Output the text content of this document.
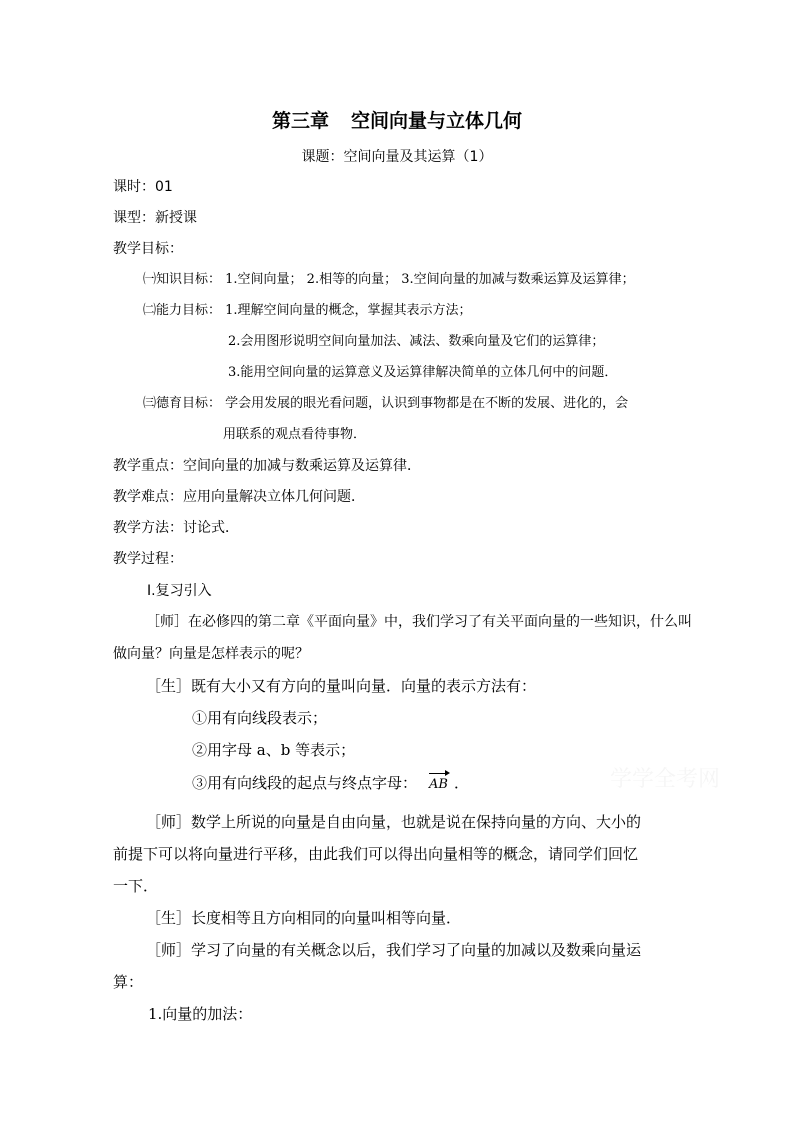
第三章 空间向量与立体几何
课题：空间向量及其运算（1）
课时：01
课型：新授课
教学目标：
㈠知识目标： 1.空间向量； 2.相等的向量； 3.空间向量的加减与数乘运算及运算律；
㈡能力目标： 1.理解空间向量的概念，掌握其表示方法；
2.会用图形说明空间向量加法、减法、数乘向量及它们的运算律；
3.能用空间向量的运算意义及运算律解决简单的立体几何中的问题．
㈢德育目标： 学会用发展的眼光看问题，认识到事物都是在不断的发展、进化的，会
用联系的观点看待事物．
教学重点：空间向量的加减与数乘运算及运算律．
教学难点：应用向量解决立体几何问题．
教学方法：讨论式．
教学过程：
Ⅰ.复习引入
［师］在必修四的第二章《平面向量》中，我们学习了有关平面向量的一些知识，什么叫
做向量？向量是怎样表示的呢？
［生］既有大小又有方向的量叫向量．向量的表示方法有：
①用有向线段表示；
②用字母 a、b 等表示；
③用有向线段的起点与终点字母： AB ．
［师］数学上所说的向量是自由向量，也就是说在保持向量的方向、大小的
前提下可以将向量进行平移，由此我们可以得出向量相等的概念，请同学们回忆
一下．
［生］长度相等且方向相同的向量叫相等向量．
［师］学习了向量的有关概念以后，我们学习了向量的加减以及数乘向量运
算：
1.向量的加法：
学学全考网
